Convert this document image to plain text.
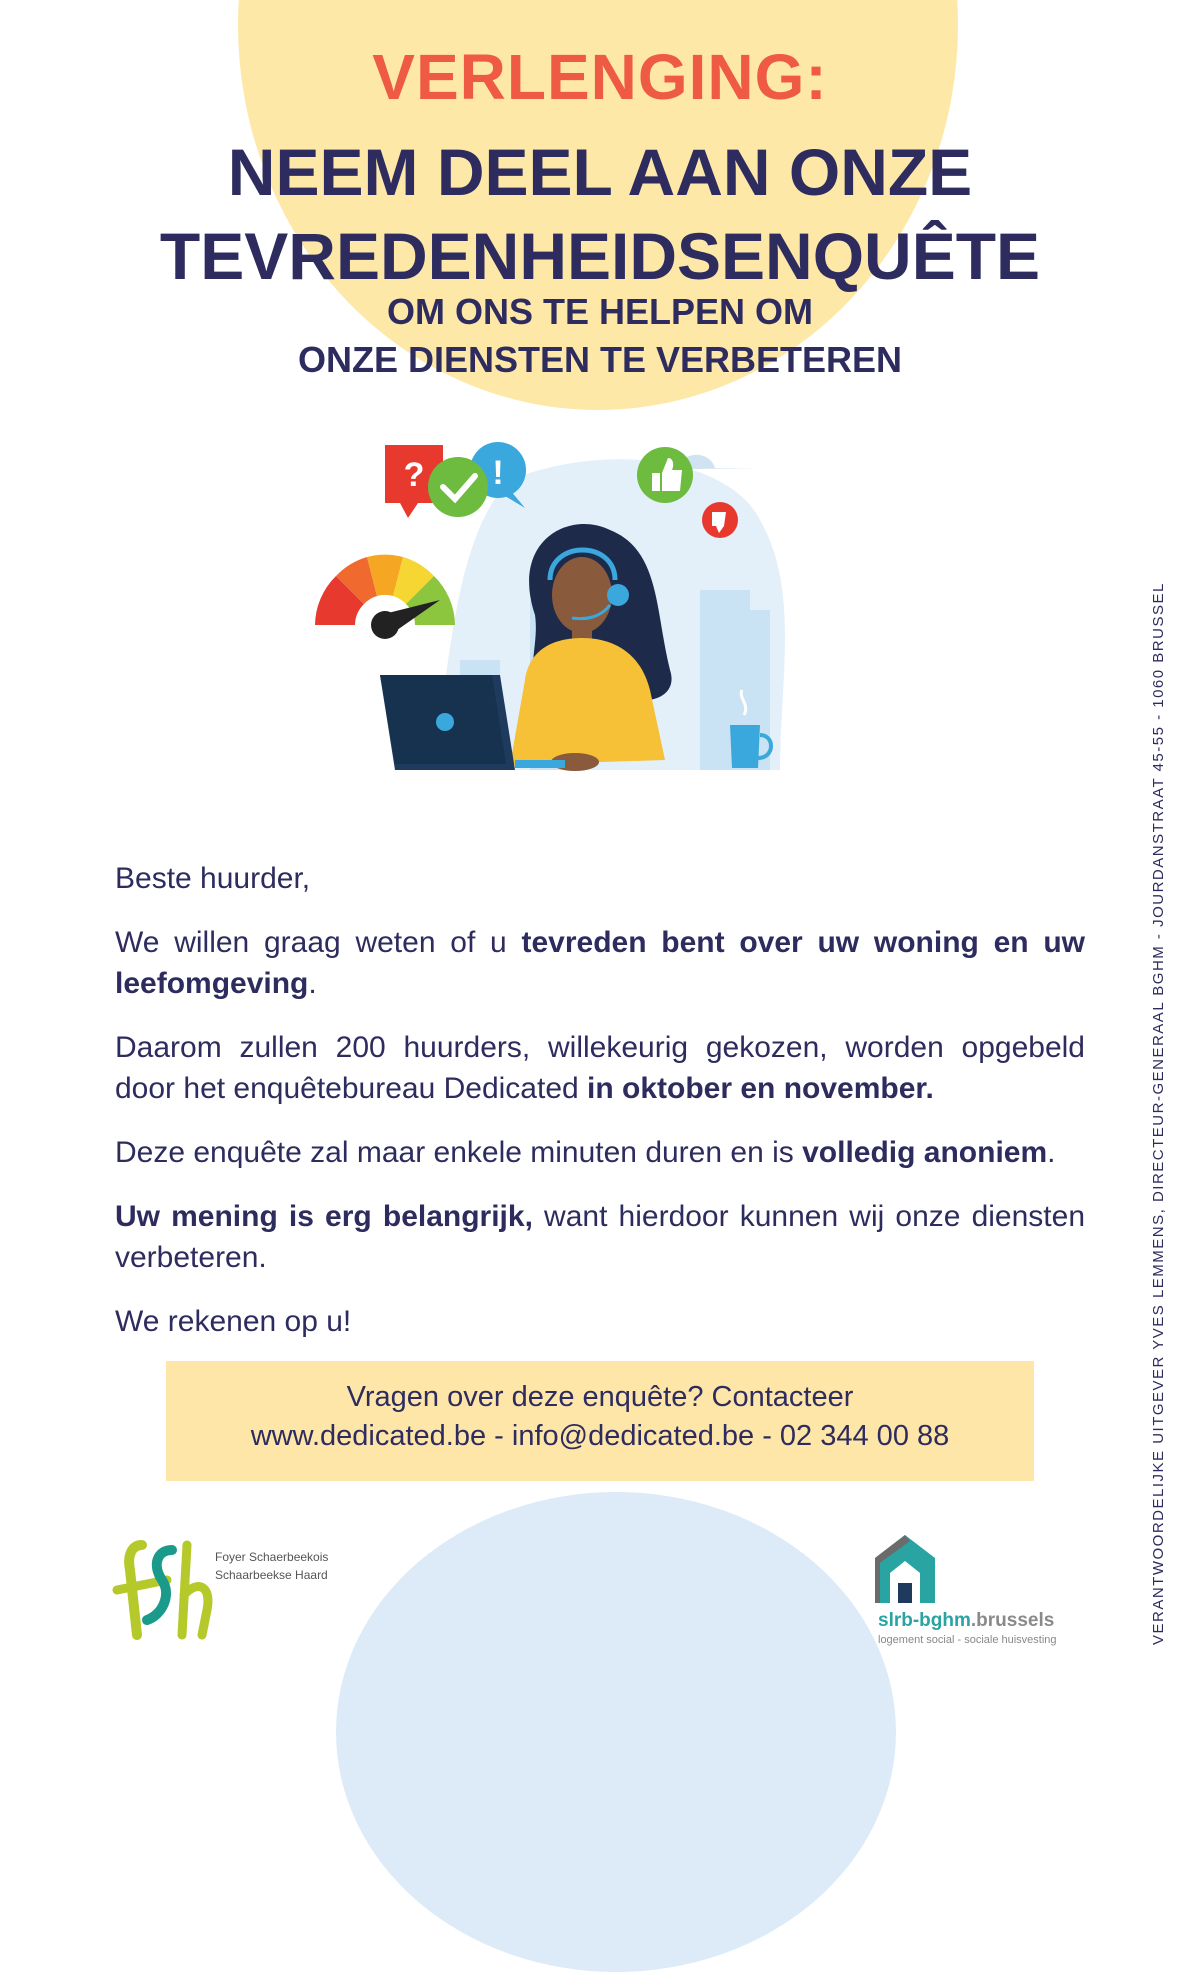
VERLENGING:
NEEM DEEL AAN ONZE
TEVREDENHEIDSENQUÊTE
OM ONS TE HELPEN OM
ONZE DIENSTEN TE VERBETEREN
? !
Beste huurder,

We willen graag weten of u tevreden bent over uw woning en uw leefomgeving.

Daarom zullen 200 huurders, willekeurig gekozen, worden opgebeld door het enquêtebureau Dedicated in oktober en november.

Deze enquête zal maar enkele minuten duren en is volledig anoniem.

Uw mening is erg belangrijk, want hierdoor kunnen wij onze diensten verbeteren.

We rekenen op u!
Vragen over deze enquête? Contacteer
www.dedicated.be - info@dedicated.be - 02 344 00 88	VERANTWOORDELIJKE UITGEVER YVES LEMMENS, DIRECTEUR-GENERAAL BGHM - JOURDANSTRAAT 45-55 - 1060 BRUSSEL
Foyer Schaerbeekois
Schaarbeekse Haard
slrb-bghm.brussels
logement social - sociale huisvesting
